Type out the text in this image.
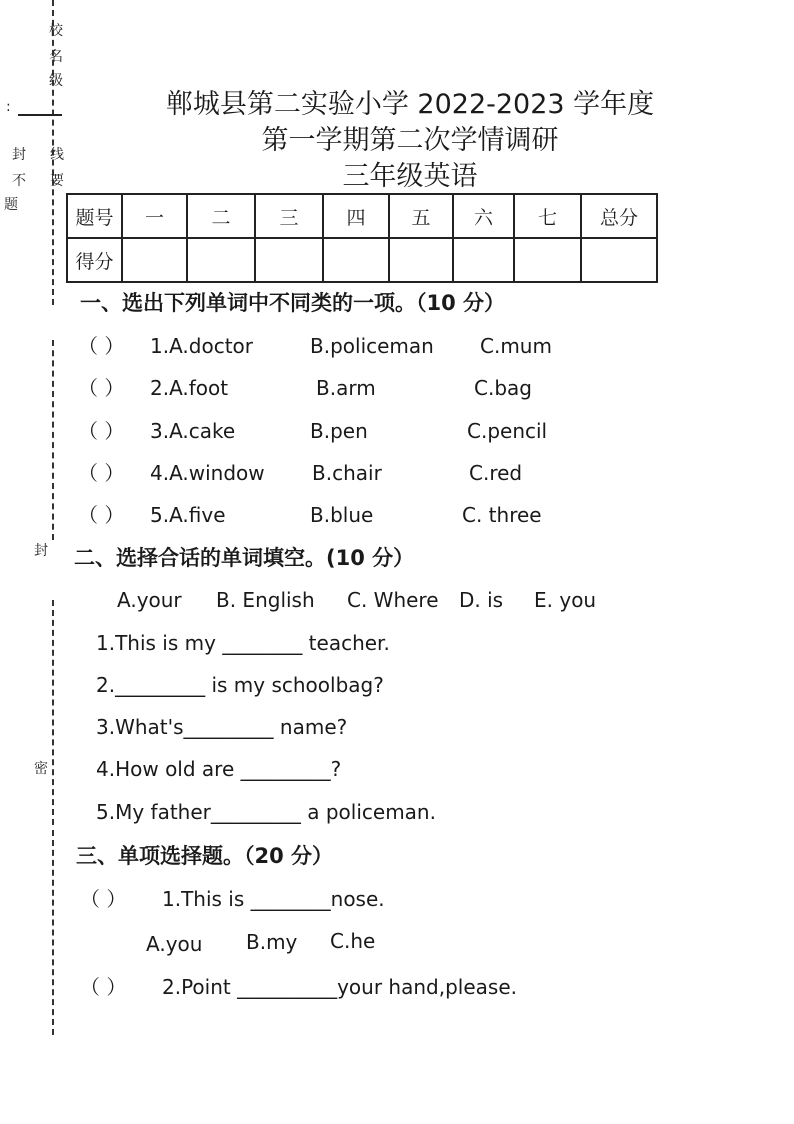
校
名
级
:
封
不
题
线
要
封
密
郸城县第二实验小学 2022-2023 学年度
第一学期第二次学情调研
三年级英语
题号	一	二	三	四	五	六	七	总分
得分								
一、选出下列单词中不同类的一项。（10 分）
（ ） 1.A.doctor	B.policeman C.mum
（ ） 2.A.foot	B.arm	C.bag
（ ） 3.A.cake	B.pen	C.pencil
（ ） 4.A.window B.chair	C.red
（ ） 5.A.five	B.blue	C. three
二、选择合话的单词填空。(10 分）
A.your B. English C. Where D. is E. you
1.This is my ________ teacher.
2._________ is my schoolbag?
3.What's_________ name?
4.How old are _________?
5.My father_________ a policeman.
三、单项选择题。（20 分）
（ ） 1.This is ________nose.
A.you B.my C.he
（ ） 2.Point __________your hand,please.
